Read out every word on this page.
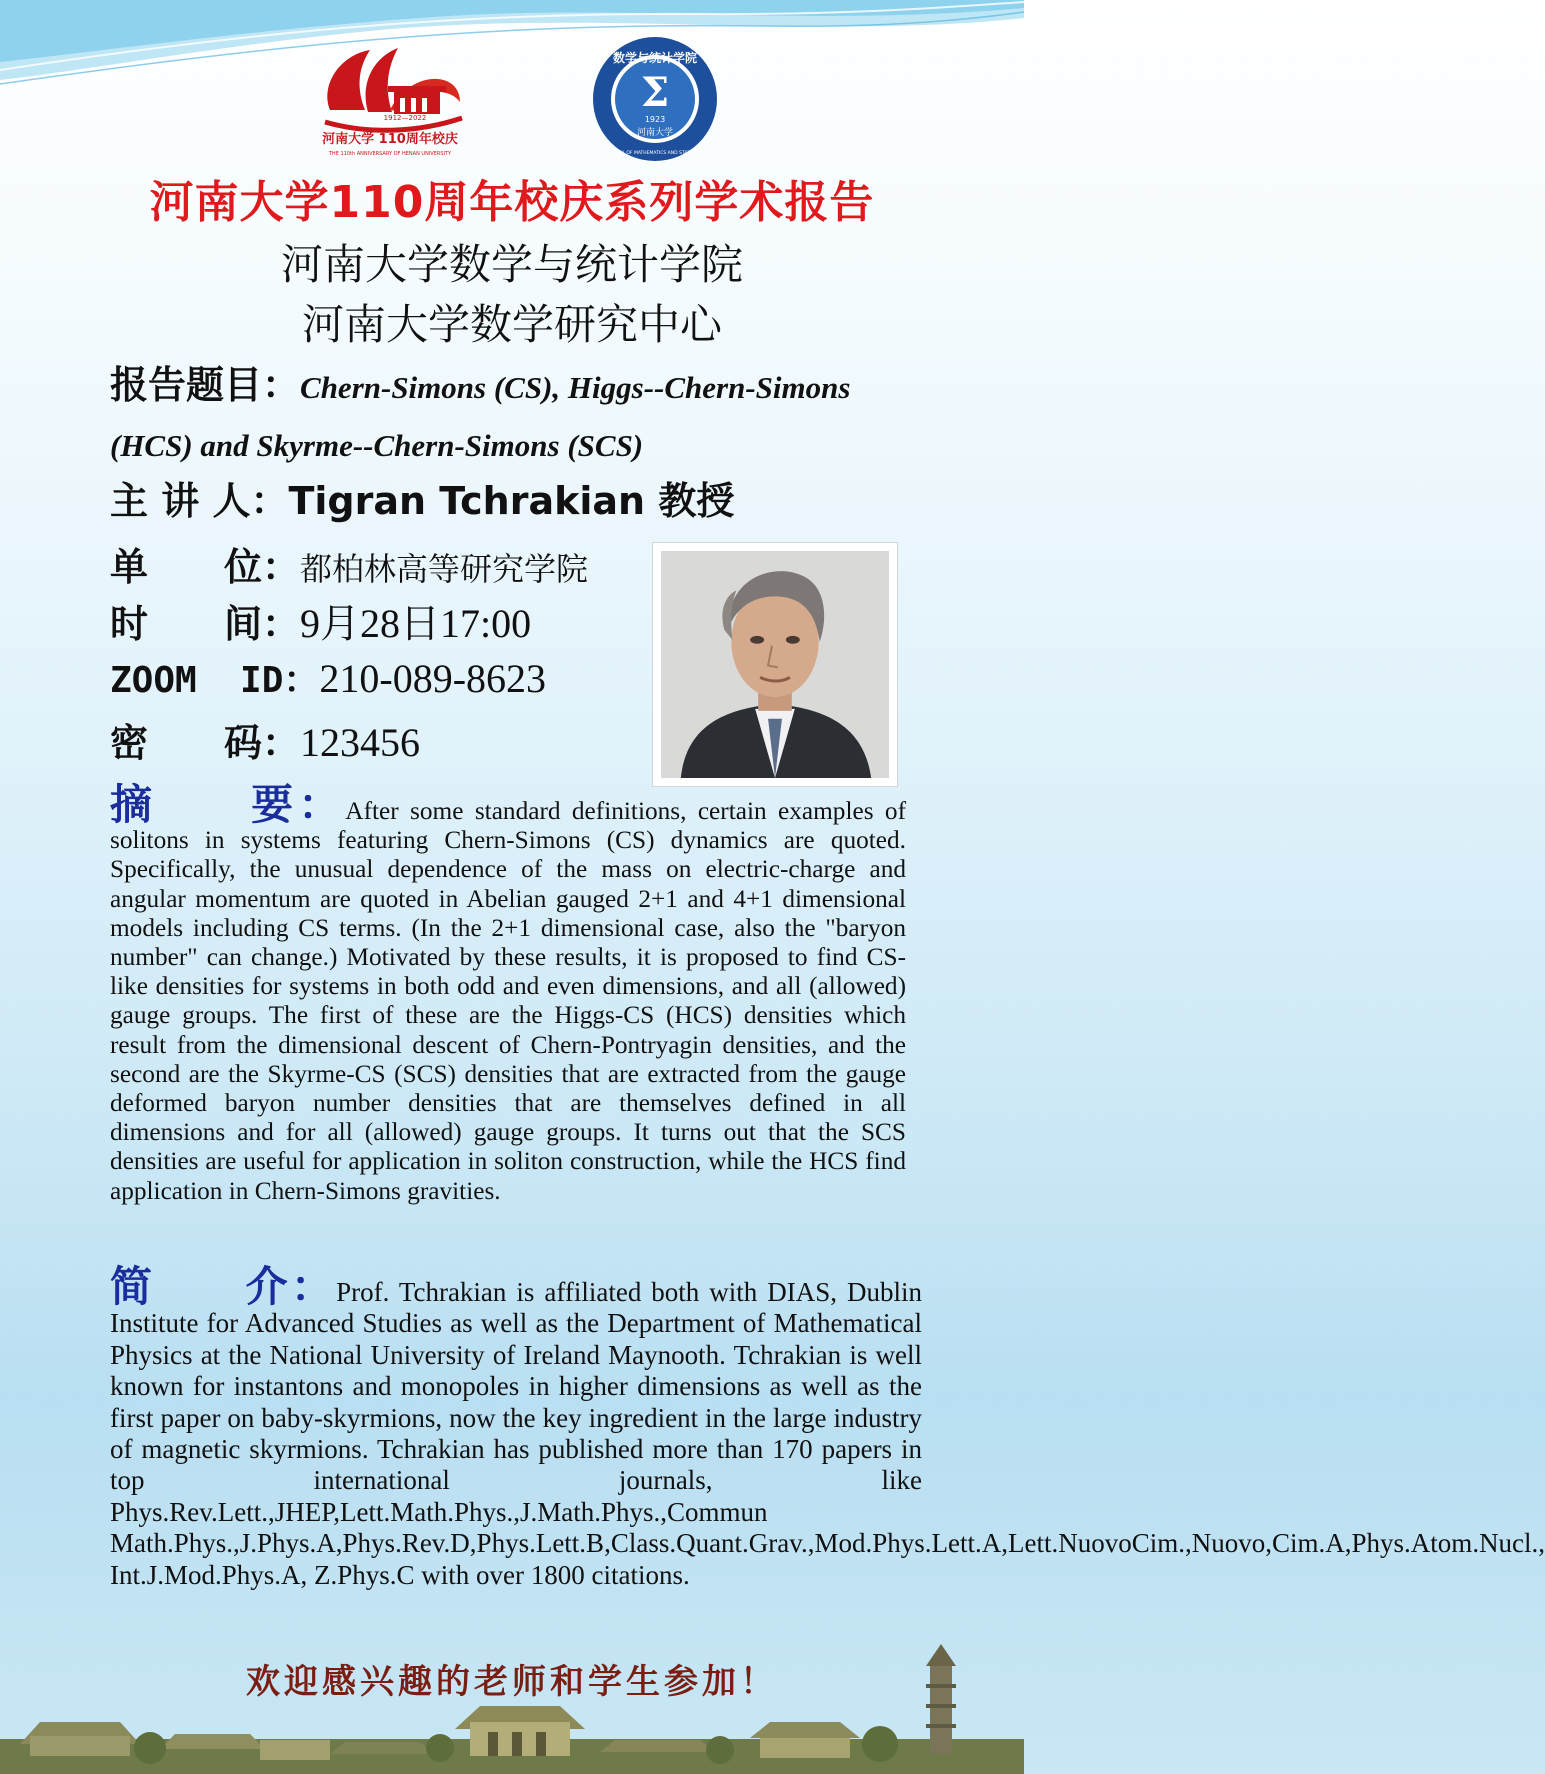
1912—2022
河南大学 110周年校庆
THE 110th ANNIVERSARY OF HENAN UNIVERSITY
数学与统计学院
Σ
1923
河南大学
SCHOOL OF MATHEMATICS AND STATISTICS
河南大学110周年校庆系列学术报告
河南大学数学与统计学院
河南大学数学研究中心
报告题目：Chern-Simons (CS), Higgs--Chern-Simons (HCS) and Skyrme--Chern-Simons (SCS)
主 讲 人： Tigran Tchrakian 教授
单　　位： 都柏林高等研究学院
时　　间： 9月28日17:00
ZOOM  ID： 210-089-8623
密　　码： 123456
摘　　要：After some standard definitions, certain examples of solitons in systems featuring Chern-Simons (CS) dynamics are quoted. Specifically, the unusual dependence of the mass on electric-charge and angular momentum are quoted in Abelian gauged 2+1 and 4+1 dimensional models including CS terms. (In the 2+1 dimensional case, also the "baryon number" can change.) Motivated by these results, it is proposed to find CS-like densities for systems in both odd and even dimensions, and all (allowed) gauge groups. The first of these are the Higgs-CS (HCS) densities which result from the dimensional descent of Chern-Pontryagin densities, and the second are the Skyrme-CS (SCS) densities that are extracted from the gauge deformed baryon number densities that are themselves defined in all dimensions and for all (allowed) gauge groups. It turns out that the SCS densities are useful for application in soliton construction, while the HCS find application in Chern-Simons gravities.
简　　介：Prof. Tchrakian is affiliated both with DIAS, Dublin Institute for Advanced Studies as well as the Department of Mathematical Physics at the National University of Ireland Maynooth. Tchrakian is well known for instantons and monopoles in higher dimensions as well as the first paper on baby-skyrmions, now the key ingredient in the large industry of magnetic skyrmions. Tchrakian has published more than 170 papers in top international journals, like Phys.Rev.Lett.,JHEP,Lett.Math.Phys.,J.Math.Phys.,Commun Math.Phys.,J.Phys.A,Phys.Rev.D,Phys.Lett.B,Class.Quant.Grav.,Mod.Phys.Lett.A,Lett.NuovoCim.,Nuovo,Cim.A,Phys.Atom.Nucl., Int.J.Mod.Phys.A, Z.Phys.C with over 1800 citations.
欢迎感兴趣的老师和学生参加！
